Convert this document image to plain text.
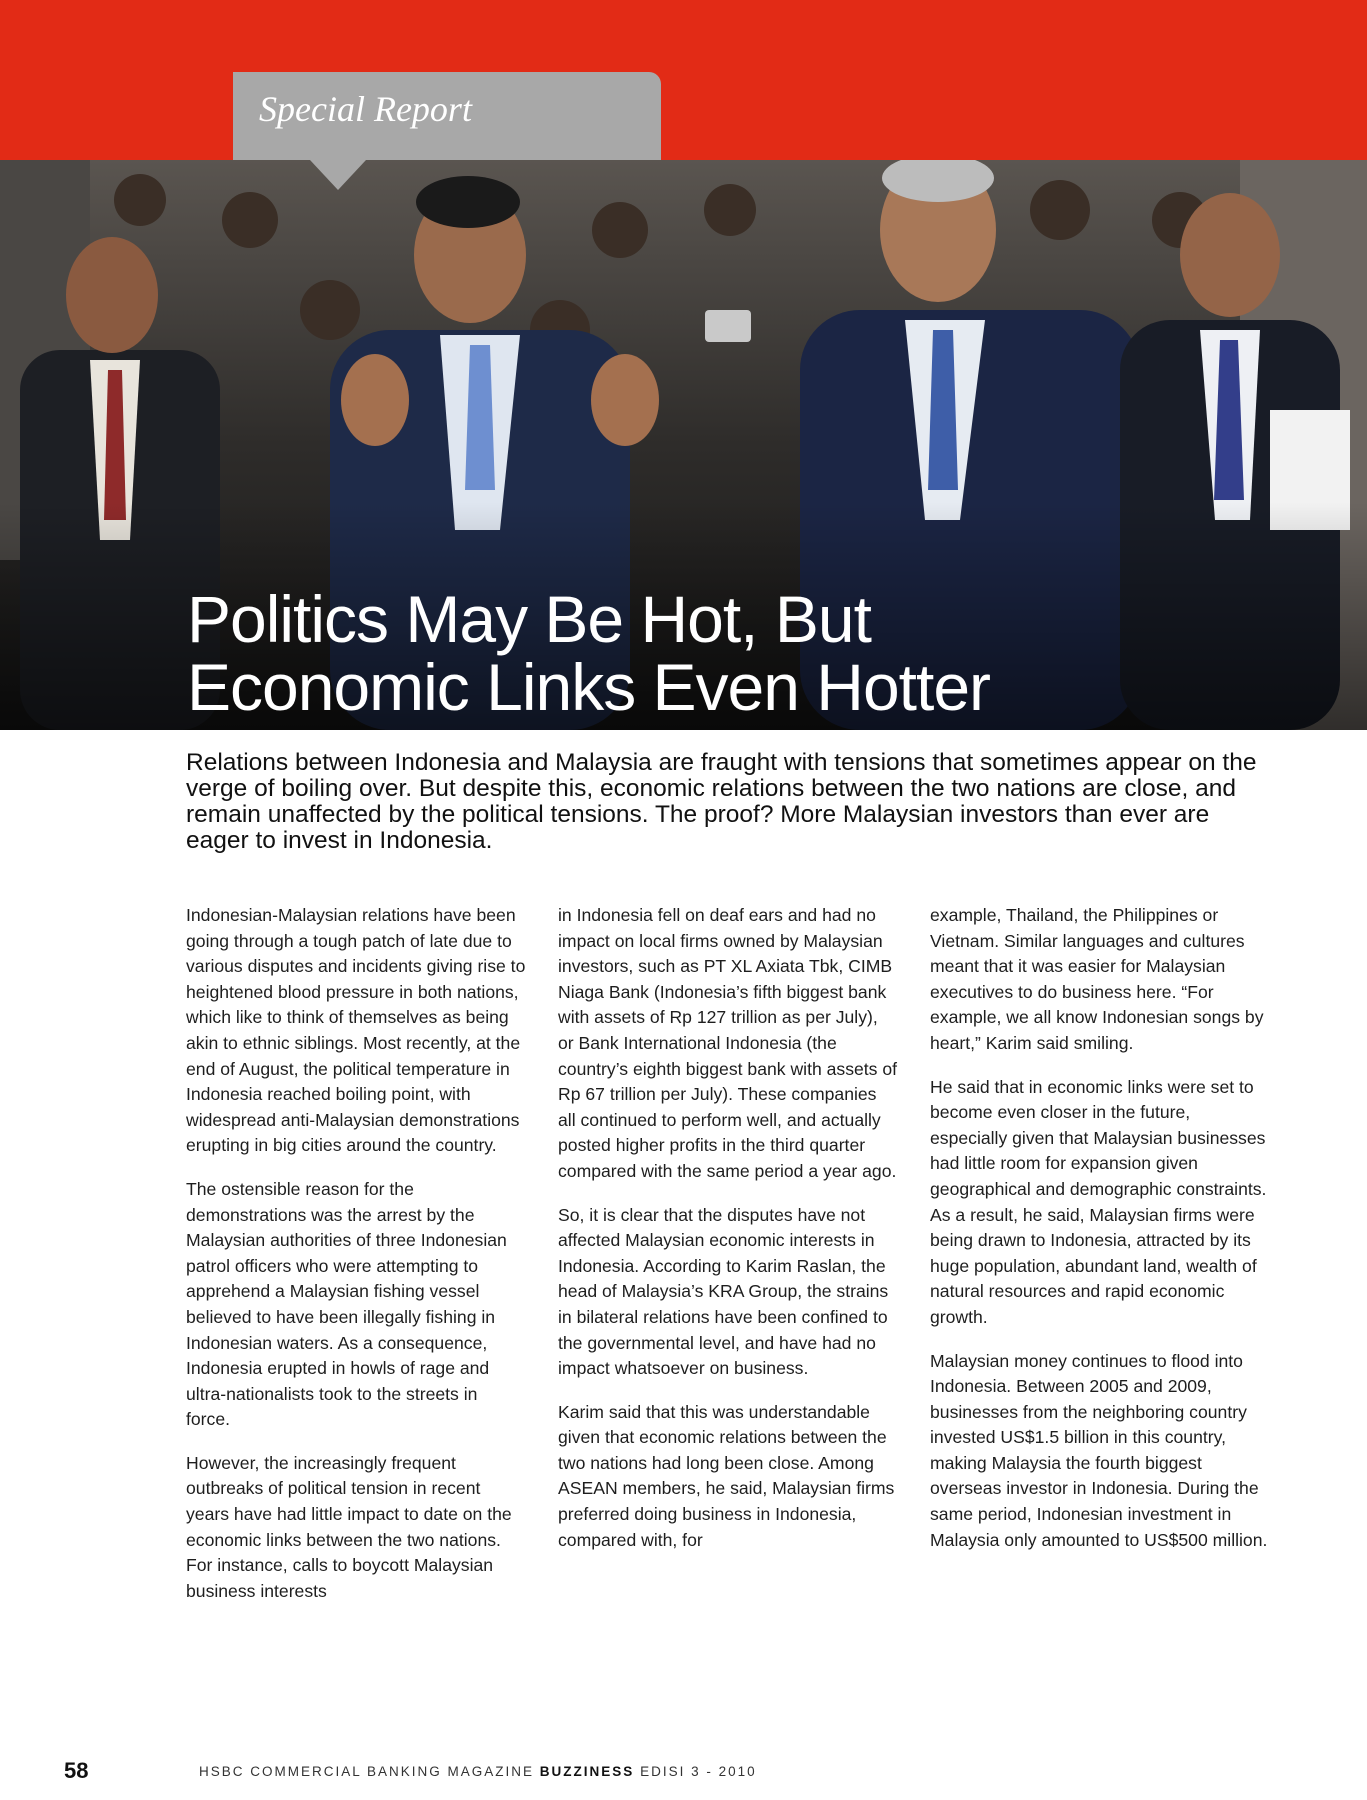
Special Report
Politics May Be Hot, But
Economic Links Even Hotter
Relations between Indonesia and Malaysia are fraught with tensions that sometimes appear on the verge of boiling over. But despite this, economic relations between the two nations are close, and remain unaffected by the political tensions. The proof? More Malaysian investors than ever are eager to invest in Indonesia.

Indonesian-Malaysian relations have been going through a tough patch of late due to various disputes and incidents giving rise to heightened blood pressure in both nations, which like to think of themselves as being akin to ethnic siblings. Most recently, at the end of August, the political temperature in Indonesia reached boiling point, with widespread anti-Malaysian demonstrations erupting in big cities around the country.

The ostensible reason for the demonstrations was the arrest by the Malaysian authorities of three Indonesian patrol officers who were attempting to apprehend a Malaysian fishing vessel believed to have been illegally fishing in Indonesian waters. As a consequence, Indonesia erupted in howls of rage and ultra-nationalists took to the streets in force.

However, the increasingly frequent outbreaks of political tension in recent years have had little impact to date on the economic links between the two nations. For instance, calls to boycott Malaysian business interests

in Indonesia fell on deaf ears and had no impact on local firms owned by Malaysian investors, such as PT XL Axiata Tbk, CIMB Niaga Bank (Indonesia’s fifth biggest bank with assets of Rp 127 trillion as per July), or Bank International Indonesia (the country’s eighth biggest bank with assets of Rp 67 trillion per July). These companies all continued to perform well, and actually posted higher profits in the third quarter compared with the same period a year ago.

So, it is clear that the disputes have not affected Malaysian economic interests in Indonesia. According to Karim Raslan, the head of Malaysia’s KRA Group, the strains in bilateral relations have been confined to the governmental level, and have had no impact whatsoever on business.

Karim said that this was understandable given that economic relations between the two nations had long been close. Among ASEAN members, he said, Malaysian firms preferred doing business in Indonesia, compared with, for

example, Thailand, the Philippines or Vietnam. Similar languages and cultures meant that it was easier for Malaysian executives to do business here. “For example, we all know Indonesian songs by heart,” Karim said smiling.

He said that in economic links were set to become even closer in the future, especially given that Malaysian businesses had little room for expansion given geographical and demographic constraints. As a result, he said, Malaysian firms were being drawn to Indonesia, attracted by its huge population, abundant land, wealth of natural resources and rapid economic growth.

Malaysian money continues to flood into Indonesia. Between 2005 and 2009, businesses from the neighboring country invested US$1.5 billion in this country, making Malaysia the fourth biggest overseas investor in Indonesia. During the same period, Indonesian investment in Malaysia only amounted to US$500 million.

58	HSBC COMMERCIAL BANKING MAGAZINE BUZZINESS EDISI 3 - 2010
